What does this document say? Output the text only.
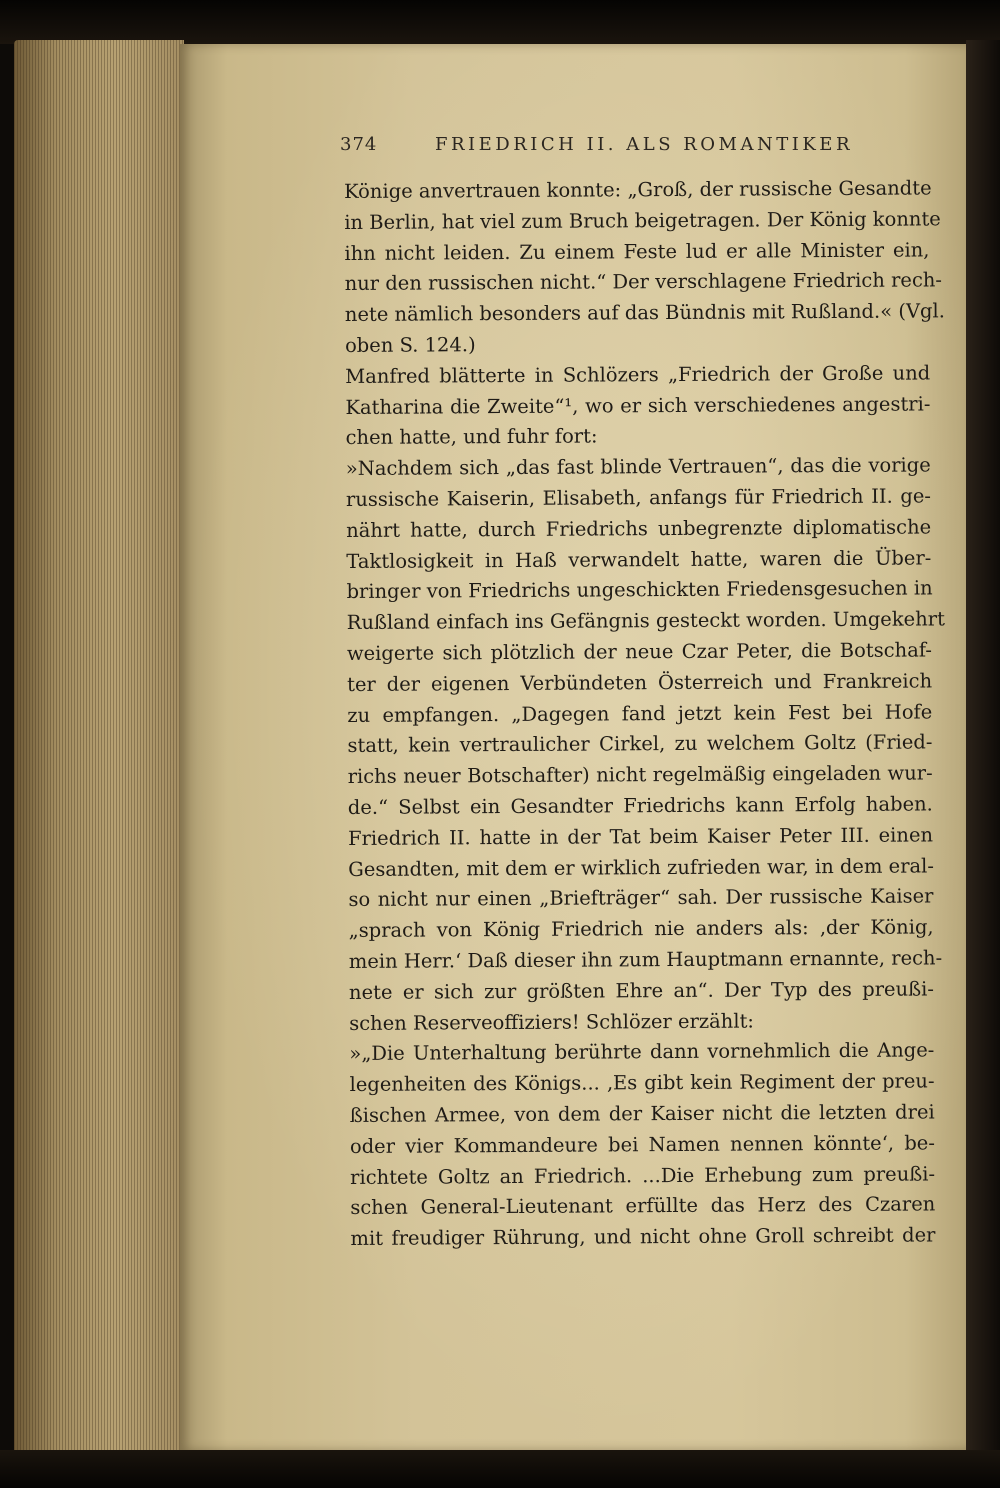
374	FRIEDRICH II. ALS ROMANTIKER
Könige anvertrauen konnte: „Groß, der russische Gesandte
in Berlin, hat viel zum Bruch beigetragen. Der König konnte
ihn nicht leiden. Zu einem Feste lud er alle Minister ein,
nur den russischen nicht.“ Der verschlagene Friedrich rech-
nete nämlich besonders auf das Bündnis mit Rußland.« (Vgl.
oben S. 124.)
Manfred blätterte in Schlözers „Friedrich der Große und
Katharina die Zweite“¹, wo er sich verschiedenes angestri-
chen hatte, und fuhr fort:
»Nachdem sich „das fast blinde Vertrauen“, das die vorige
russische Kaiserin, Elisabeth, anfangs für Friedrich II. ge-
nährt hatte, durch Friedrichs unbegrenzte diplomatische
Taktlosigkeit in Haß verwandelt hatte, waren die Über-
bringer von Friedrichs ungeschickten Friedensgesuchen in
Rußland einfach ins Gefängnis gesteckt worden. Umgekehrt
weigerte sich plötzlich der neue Czar Peter, die Botschaf-
ter der eigenen Verbündeten Österreich und Frankreich
zu empfangen. „Dagegen fand jetzt kein Fest bei Hofe
statt, kein vertraulicher Cirkel, zu welchem Goltz (Fried-
richs neuer Botschafter) nicht regelmäßig eingeladen wur-
de.“ Selbst ein Gesandter Friedrichs kann Erfolg haben.
Friedrich II. hatte in der Tat beim Kaiser Peter III. einen
Gesandten, mit dem er wirklich zufrieden war, in dem eral-
so nicht nur einen „Briefträger“ sah. Der russische Kaiser
„sprach von König Friedrich nie anders als: ‚der König,
mein Herr.‘ Daß dieser ihn zum Hauptmann ernannte, rech-
nete er sich zur größten Ehre an“. Der Typ des preußi-
schen Reserveoffiziers! Schlözer erzählt:
»„Die Unterhaltung berührte dann vornehmlich die Ange-
legenheiten des Königs... ‚Es gibt kein Regiment der preu-
ßischen Armee, von dem der Kaiser nicht die letzten drei
oder vier Kommandeure bei Namen nennen könnte‘, be-
richtete Goltz an Friedrich. ...Die Erhebung zum preußi-
schen General-Lieutenant erfüllte das Herz des Czaren
mit freudiger Rührung, und nicht ohne Groll schreibt der
